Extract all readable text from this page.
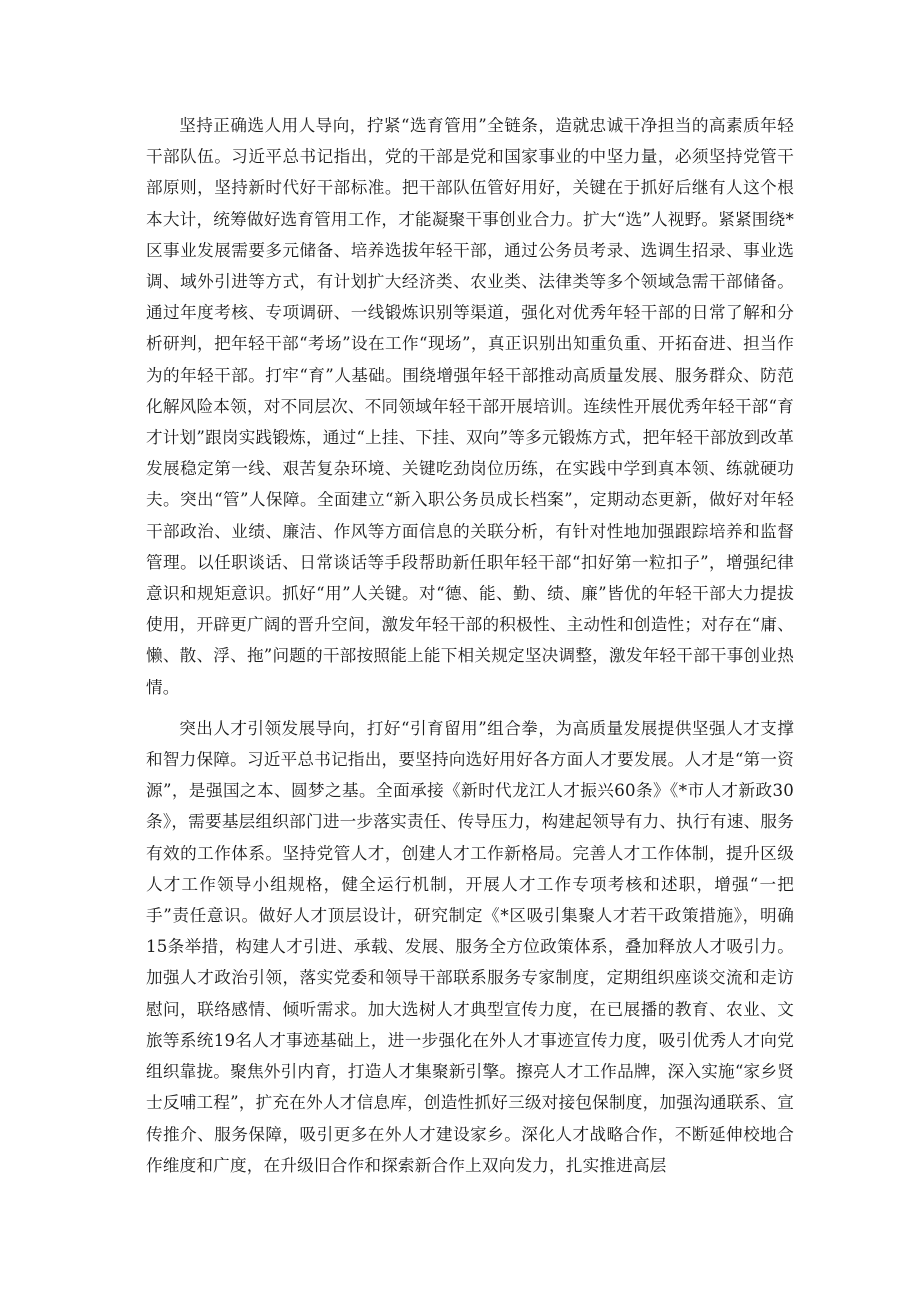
坚持正确选人用人导向，拧紧“选育管用”全链条，造就忠诚干净担当的高素质年轻干部队伍。习近平总书记指出，党的干部是党和国家事业的中坚力量，必须坚持党管干部原则，坚持新时代好干部标准。把干部队伍管好用好，关键在于抓好后继有人这个根本大计，统筹做好选育管用工作，才能凝聚干事创业合力。扩大“选”人视野。紧紧围绕*区事业发展需要多元储备、培养选拔年轻干部，通过公务员考录、选调生招录、事业选调、域外引进等方式，有计划扩大经济类、农业类、法律类等多个领域急需干部储备。通过年度考核、专项调研、一线锻炼识别等渠道，强化对优秀年轻干部的日常了解和分析研判，把年轻干部“考场”设在工作“现场”，真正识别出知重负重、开拓奋进、担当作为的年轻干部。打牢“育”人基础。围绕增强年轻干部推动高质量发展、服务群众、防范化解风险本领，对不同层次、不同领域年轻干部开展培训。连续性开展优秀年轻干部“育才计划”跟岗实践锻炼，通过“上挂、下挂、双向”等多元锻炼方式，把年轻干部放到改革发展稳定第一线、艰苦复杂环境、关键吃劲岗位历练，在实践中学到真本领、练就硬功夫。突出“管”人保障。全面建立“新入职公务员成长档案”，定期动态更新，做好对年轻干部政治、业绩、廉洁、作风等方面信息的关联分析，有针对性地加强跟踪培养和监督管理。以任职谈话、日常谈话等手段帮助新任职年轻干部“扣好第一粒扣子”，增强纪律意识和规矩意识。抓好“用”人关键。对“德、能、勤、绩、廉”皆优的年轻干部大力提拔使用，开辟更广阔的晋升空间，激发年轻干部的积极性、主动性和创造性；对存在“庸、懒、散、浮、拖”问题的干部按照能上能下相关规定坚决调整，激发年轻干部干事创业热情。

突出人才引领发展导向，打好“引育留用”组合拳，为高质量发展提供坚强人才支撑和智力保障。习近平总书记指出，要坚持向选好用好各方面人才要发展。人才是“第一资源”，是强国之本、圆梦之基。全面承接《新时代龙江人才振兴60条》《*市人才新政30条》，需要基层组织部门进一步落实责任、传导压力，构建起领导有力、执行有速、服务有效的工作体系。坚持党管人才，创建人才工作新格局。完善人才工作体制，提升区级人才工作领导小组规格，健全运行机制，开展人才工作专项考核和述职，增强“一把手”责任意识。做好人才顶层设计，研究制定《*区吸引集聚人才若干政策措施》，明确15条举措，构建人才引进、承载、发展、服务全方位政策体系，叠加释放人才吸引力。加强人才政治引领，落实党委和领导干部联系服务专家制度，定期组织座谈交流和走访慰问，联络感情、倾听需求。加大选树人才典型宣传力度，在已展播的教育、农业、文旅等系统19名人才事迹基础上，进一步强化在外人才事迹宣传力度，吸引优秀人才向党组织靠拢。聚焦外引内育，打造人才集聚新引擎。擦亮人才工作品牌，深入实施“家乡贤士反哺工程”，扩充在外人才信息库，创造性抓好三级对接包保制度，加强沟通联系、宣传推介、服务保障，吸引更多在外人才建设家乡。深化人才战略合作，不断延伸校地合作维度和广度，在升级旧合作和探索新合作上双向发力，扎实推进高层
